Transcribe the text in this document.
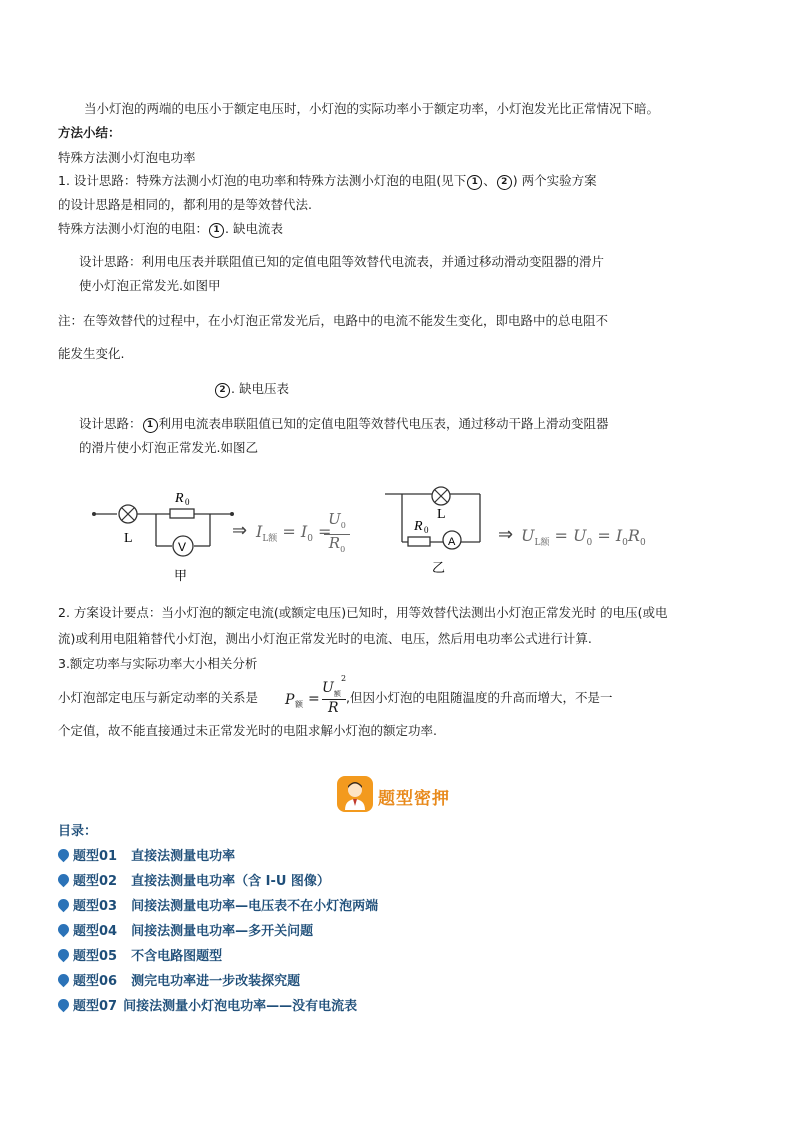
当小灯泡的两端的电压小于额定电压时，小灯泡的实际功率小于额定功率，小灯泡发光比正常情况下暗。
方法小结：
特殊方法测小灯泡电功率
1. 设计思路：特殊方法测小灯泡的电功率和特殊方法测小灯泡的电阻(见下 1 、 2 ) 两个实验方案
的设计思路是相同的，都利用的是等效替代法.
特殊方法测小灯泡的电阻： 1 . 缺电流表
设计思路：利用电压表并联阻值已知的定值电阻等效替代电流表，并通过移动滑动变阻器的滑片
使小灯泡正常发光.如图甲
注：在等效替代的过程中，在小灯泡正常发光后，电路中的电流不能发生变化，即电路中的总电阻不
能发生变化.
2 . 缺电压表
设计思路： 1 利用电流表串联阻值已知的定值电阻等效替代电压表，通过移动干路上滑动变阻器
的滑片使小灯泡正常发光.如图乙
L
R 0
V
甲
⇒ $I_{L额} = I_0$ =
$U_0$
$R_0$
L
R 0
A
乙
⇒ $U_{L额} = U_0 = I_0R_0$
2. 方案设计要点：当小灯泡的额定电流(或额定电压)已知时，用等效替代法测出小灯泡正常发光时 的电压(或电
流)或利用电阻箱替代小灯泡，测出小灯泡正常发光时的电流、电压，然后用电功率公式进行计算.
3.额定功率与实际功率大小相关分析
小灯泡部定电压与新定动率的关系是 P 额 =
$U_额$
2
R
,但因小灯泡的电阻随温度的升高而增大，不是一
个定值，故不能直接通过未正常发光时的电阻求解小灯泡的额定功率.
题型密押
目录：
题型01 直接法测量电功率
题型02 直接法测量电功率（含 I-U 图像）
题型03 间接法测量电功率—电压表不在小灯泡两端
题型04 间接法测量电功率—多开关问题
题型05 不含电路图题型
题型06 测完电功率进一步改装探究题
题型07 间接法测量小灯泡电功率——没有电流表
